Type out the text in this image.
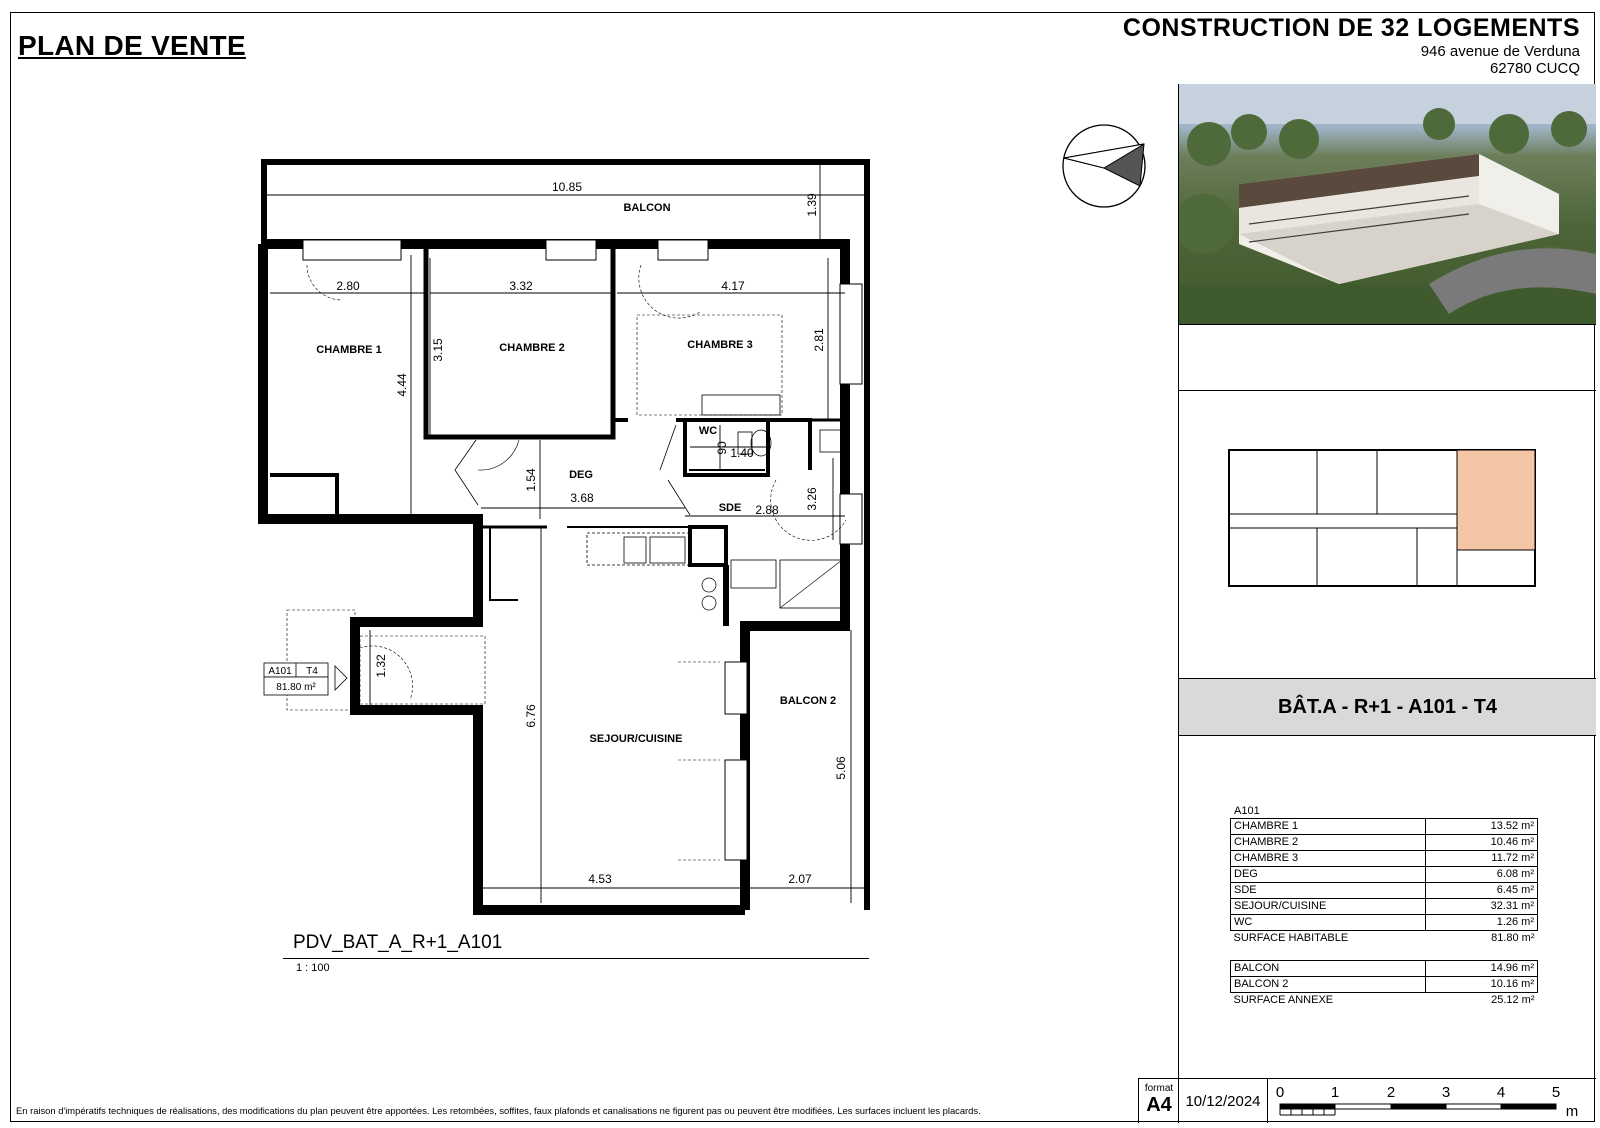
PLAN DE VENTE
CONSTRUCTION DE 32 LOGEMENTS
946 avenue de Verduna
62780 CUCQ
BALCON
CHAMBRE 1	CHAMBRE 2	CHAMBRE 3
WC
DEG
SDE
SEJOUR/CUISINE
BALCON 2
10.85
1.39
2.80	3.32	4.17
3.15
4.44
2.81
90 1.40
1.54
3.68
2.88 3.26
1.32
6.76
5.06
4.53	2.07
A101 T4
81.80 m²
PDV_BAT_A_R+1_A101
1 : 100
BÂT.A - R+1 - A101 - T4
A101
CHAMBRE 1	13.52 m²
CHAMBRE 2	10.46 m²
CHAMBRE 3	11.72 m²
DEG	6.08 m²
SDE	6.45 m²
SEJOUR/CUISINE	32.31 m²
WC	1.26 m²
SURFACE HABITABLE	81.80 m²
BALCON	14.96 m²
BALCON 2	10.16 m²
SURFACE ANNEXE	25.12 m²
En raison d'impératifs techniques de réalisations, des modifications du plan peuvent être apportées. Les retombées, soffites, faux plafonds et canalisations ne figurent pas ou peuvent être modifiées. Les surfaces incluent les placards.
format
A4 10/12/2024 0	1	2	3	4	5
m
